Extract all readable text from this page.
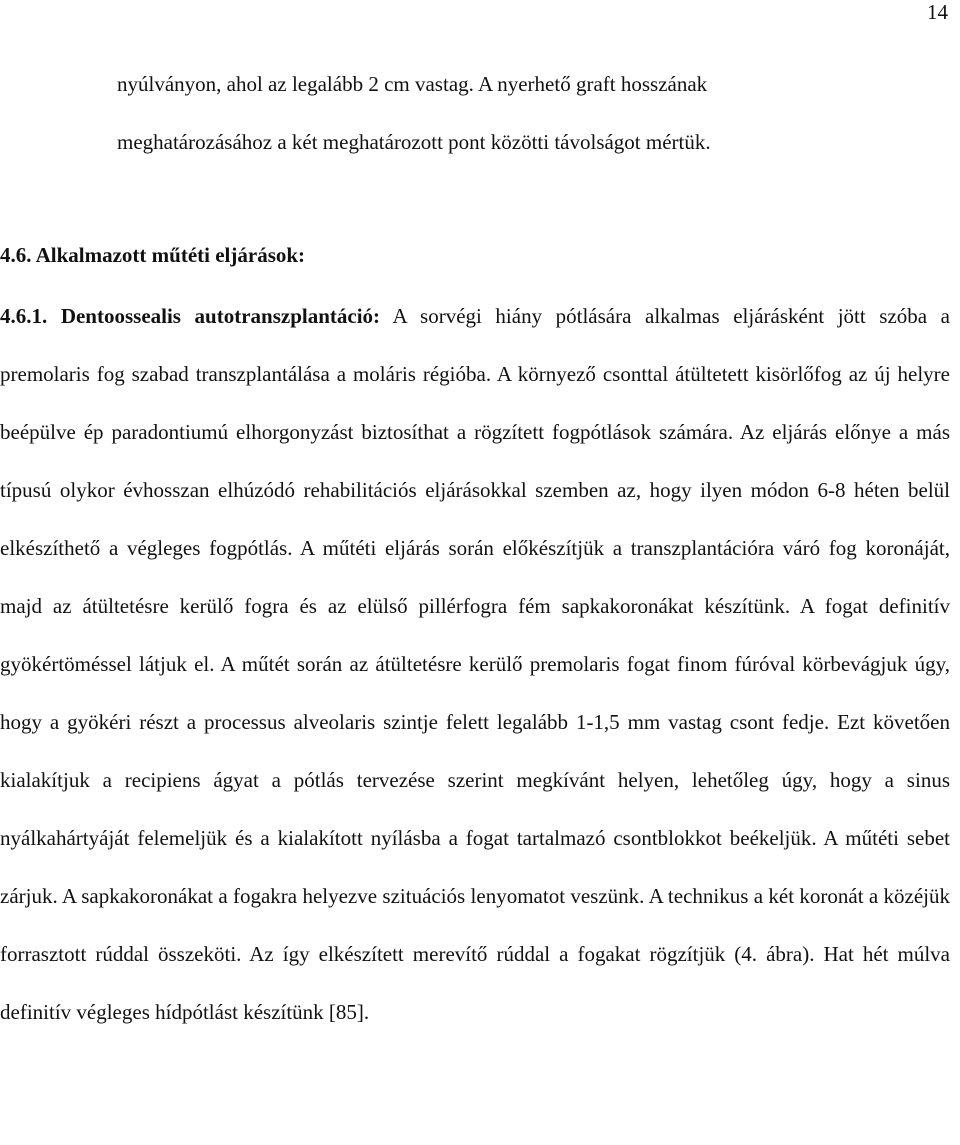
14

nyúlványon, ahol az legalább 2 cm vastag. A nyerhető graft hosszának
meghatározásához a két meghatározott pont közötti távolságot mértük.

4.6. Alkalmazott műtéti eljárások:

4.6.1. Dentoossealis autotranszplantáció: A sorvégi hiány pótlására alkalmas eljárásként jött szóba a premolaris fog szabad transzplantálása a moláris régióba. A környező csonttal átültetett kisörlőfog az új helyre beépülve ép paradontiumú elhorgonyzást biztosíthat a rögzített fogpótlások számára. Az eljárás előnye a más típusú olykor évhosszan elhúzódó rehabilitációs eljárásokkal szemben az, hogy ilyen módon 6-8 héten belül elkészíthető a végleges fogpótlás. A műtéti eljárás során előkészítjük a transzplantációra váró fog koronáját, majd az átültetésre kerülő fogra és az elülső pillérfogra fém sapkakoronákat készítünk. A fogat definitív gyökértöméssel látjuk el. A műtét során az átültetésre kerülő premolaris fogat finom fúróval körbevágjuk úgy, hogy a gyökéri részt a processus alveolaris szintje felett legalább 1-1,5 mm vastag csont fedje. Ezt követően kialakítjuk a recipiens ágyat a pótlás tervezése szerint megkívánt helyen, lehetőleg úgy, hogy a sinus nyálkahártyáját felemeljük és a kialakított nyílásba a fogat tartalmazó csontblokkot beékeljük. A műtéti sebet zárjuk. A sapkakoronákat a fogakra helyezve szituációs lenyomatot veszünk. A technikus a két koronát a közéjük forrasztott rúddal összeköti. Az így elkészített merevítő rúddal a fogakat rögzítjük (4. ábra). Hat hét múlva definitív végleges hídpótlást készítünk [85].
